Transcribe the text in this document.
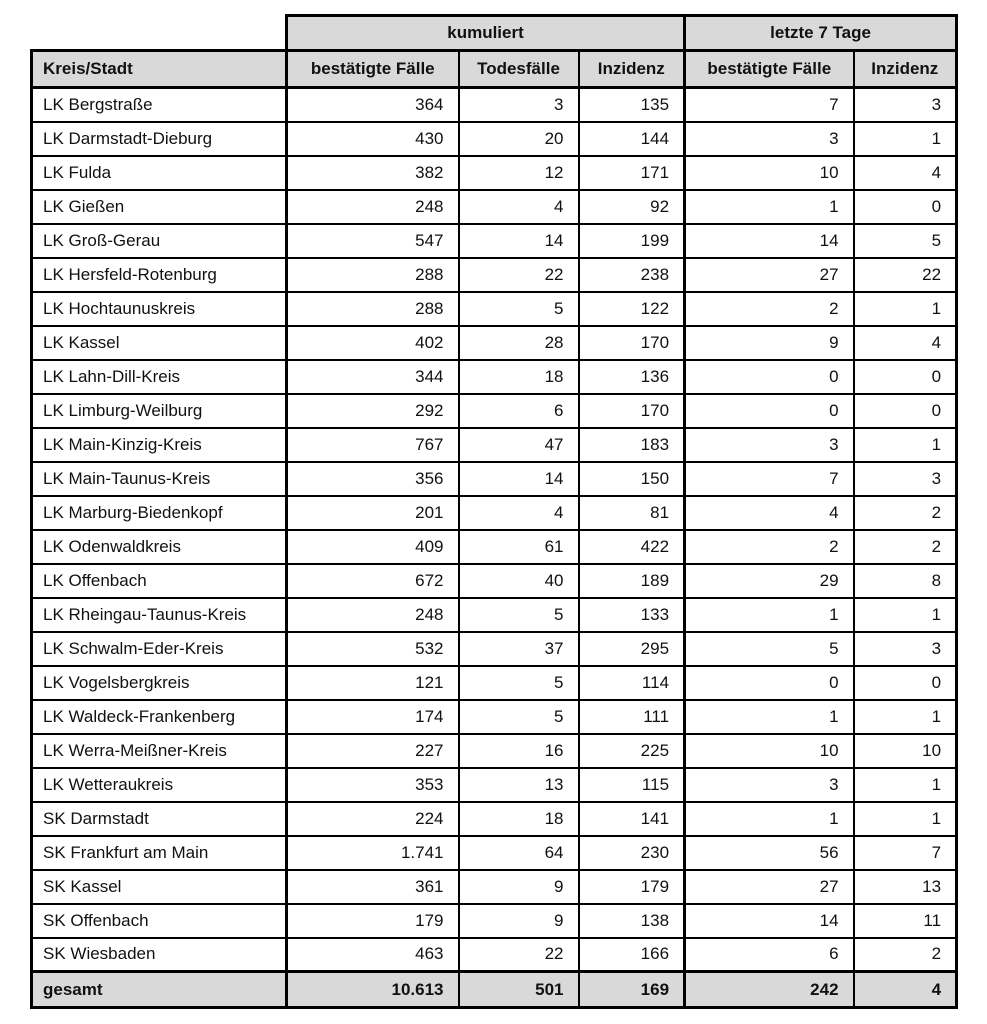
	kumuliert			letzte 7 Tage	
Kreis/Stadt	bestätigte Fälle	Todesfälle	Inzidenz	bestätigte Fälle	Inzidenz
LK Bergstraße	364	3	135	7	3
LK Darmstadt-Dieburg	430	20	144	3	1
LK Fulda	382	12	171	10	4
LK Gießen	248	4	92	1	0
LK Groß-Gerau	547	14	199	14	5
LK Hersfeld-Rotenburg	288	22	238	27	22
LK Hochtaunuskreis	288	5	122	2	1
LK Kassel	402	28	170	9	4
LK Lahn-Dill-Kreis	344	18	136	0	0
LK Limburg-Weilburg	292	6	170	0	0
LK Main-Kinzig-Kreis	767	47	183	3	1
LK Main-Taunus-Kreis	356	14	150	7	3
LK Marburg-Biedenkopf	201	4	81	4	2
LK Odenwaldkreis	409	61	422	2	2
LK Offenbach	672	40	189	29	8
LK Rheingau-Taunus-Kreis	248	5	133	1	1
LK Schwalm-Eder-Kreis	532	37	295	5	3
LK Vogelsbergkreis	121	5	114	0	0
LK Waldeck-Frankenberg	174	5	111	1	1
LK Werra-Meißner-Kreis	227	16	225	10	10
LK Wetteraukreis	353	13	115	3	1
SK Darmstadt	224	18	141	1	1
SK Frankfurt am Main	1.741	64	230	56	7
SK Kassel	361	9	179	27	13
SK Offenbach	179	9	138	14	11
SK Wiesbaden	463	22	166	6	2
gesamt	10.613	501	169	242	4
